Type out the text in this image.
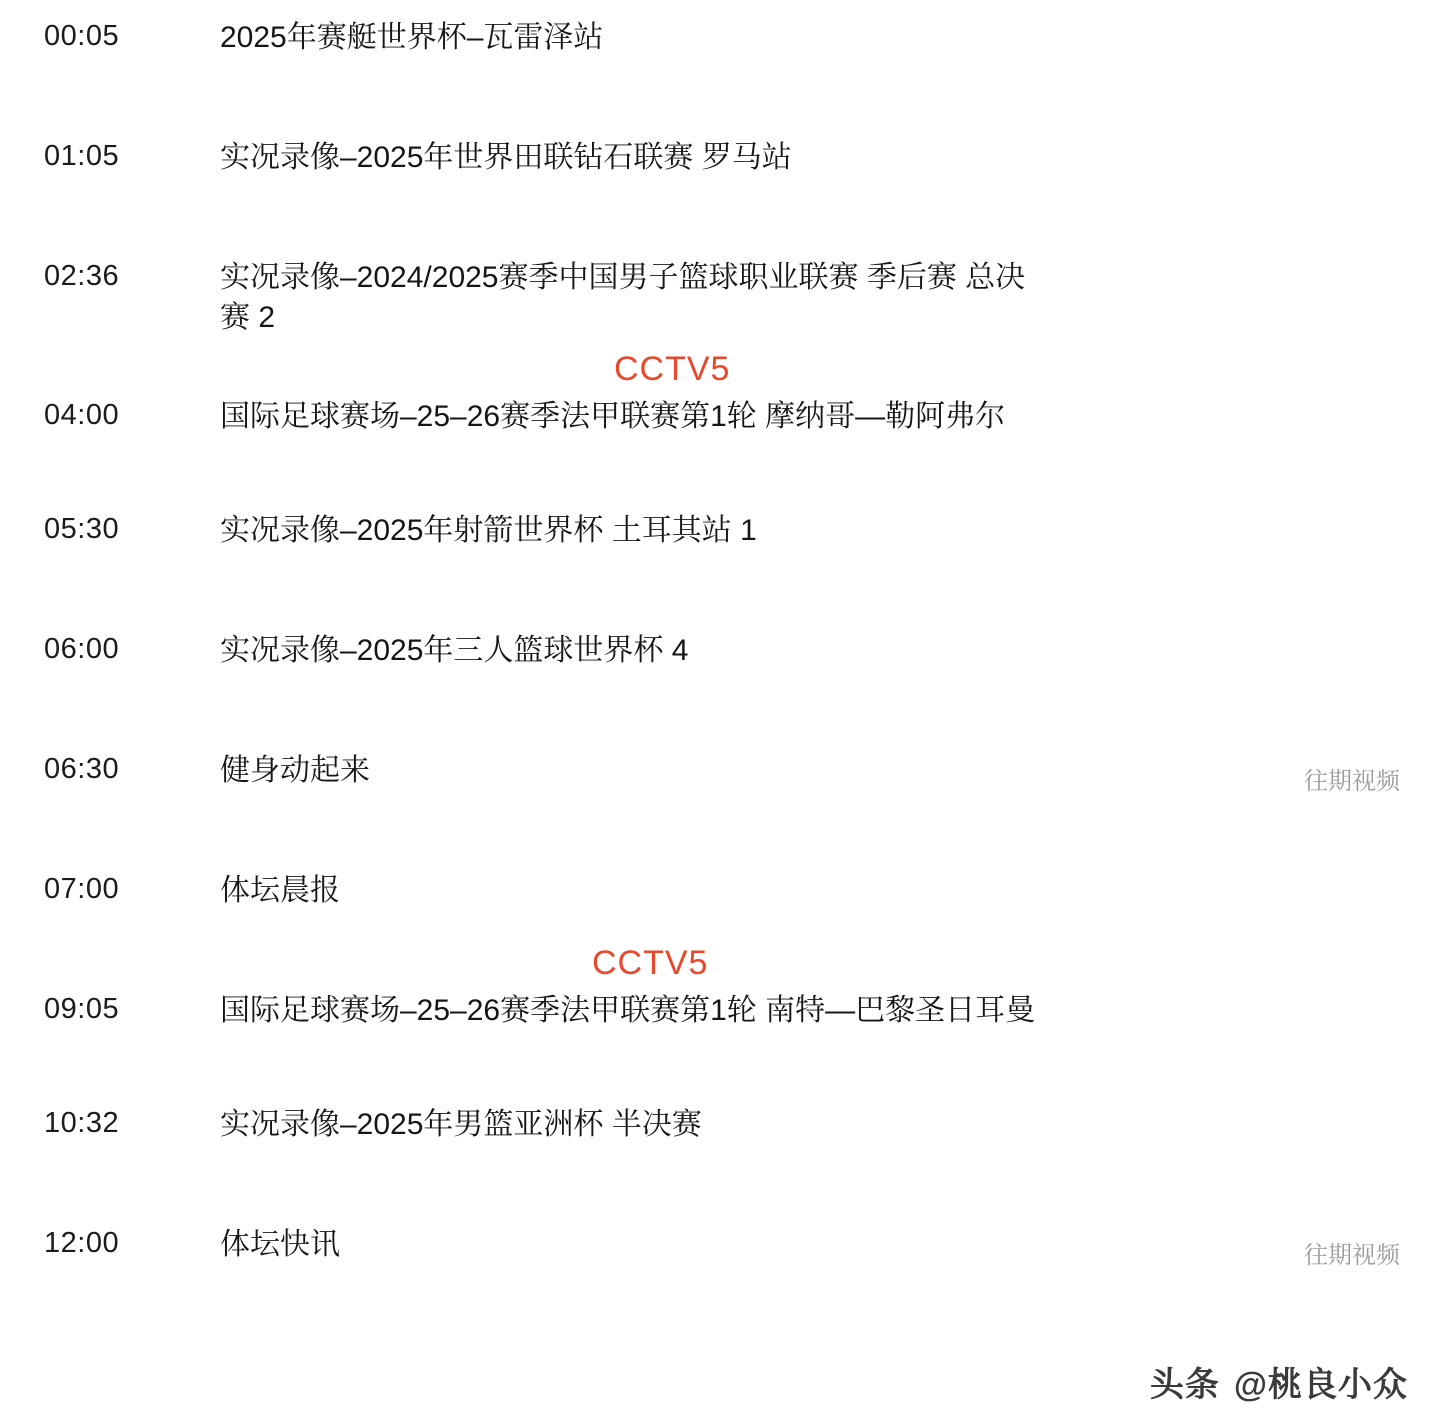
00:05	2025年赛艇世界杯–瓦雷泽站
01:05	实况录像–2025年世界田联钻石联赛 罗马站
02:36	实况录像–2024/2025赛季中国男子篮球职业联赛 季后赛 总决赛 2
04:00	国际足球赛场–25–26赛季法甲联赛第1轮 摩纳哥—勒阿弗尔
05:30	实况录像–2025年射箭世界杯 土耳其站 1
06:00	实况录像–2025年三人篮球世界杯 4
06:30	健身动起来	往期视频
07:00	体坛晨报
09:05	国际足球赛场–25–26赛季法甲联赛第1轮 南特—巴黎圣日耳曼
10:32	实况录像–2025年男篮亚洲杯 半决赛
12:00	体坛快讯	往期视频
CCTV5
CCTV5
头条 @桃良小众
